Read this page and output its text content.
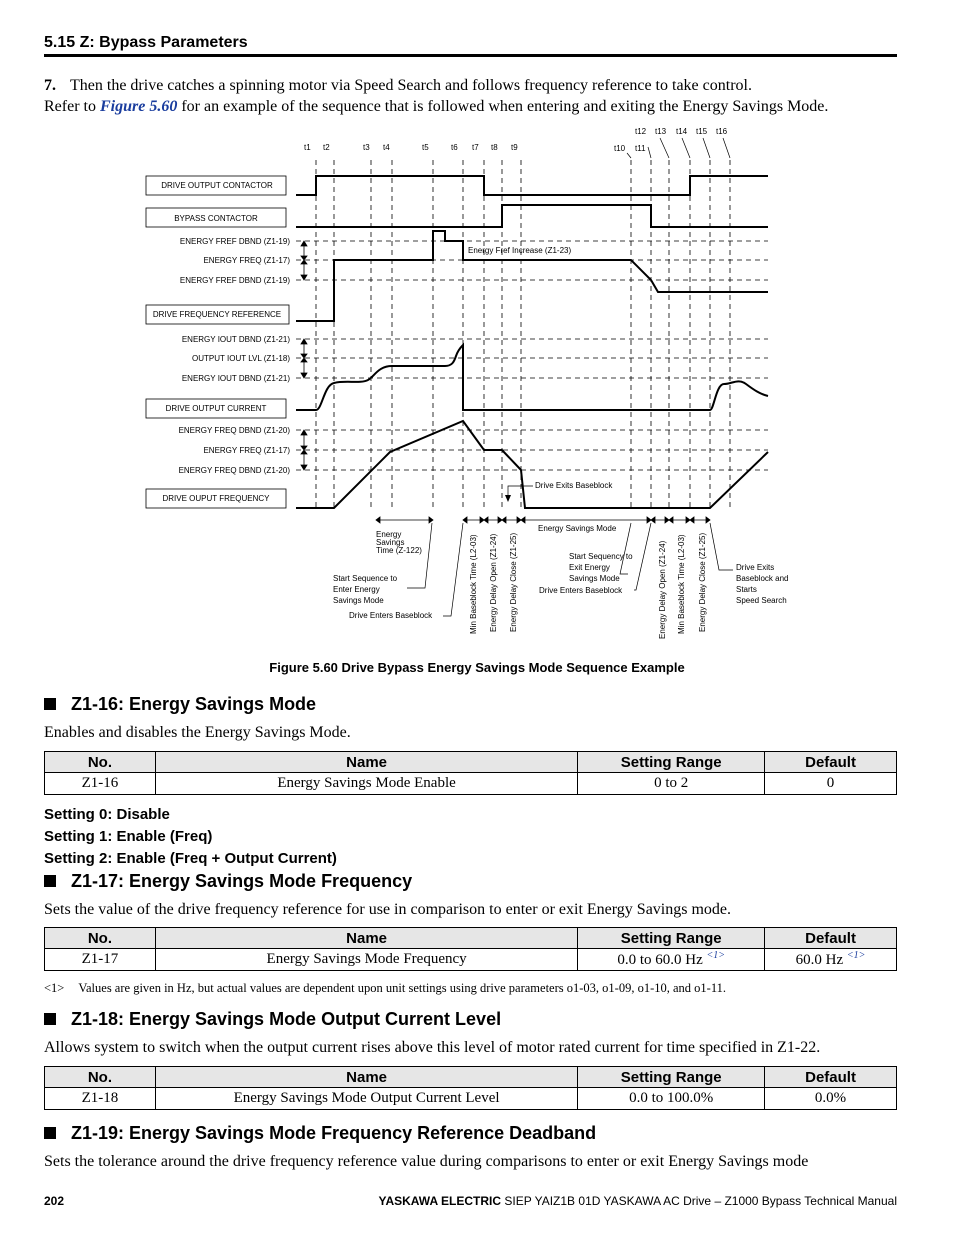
5.15 Z: Bypass Parameters
7. Then the drive catches a spinning motor via Speed Search and follows frequency reference to take control.
Refer to Figure 5.60 for an example of the sequence that is followed when entering and exiting the Energy Savings Mode.
t1 t2	t3 t4	t5	t6 t7 t8 t9	t10 t11
t12 t13 t14 t15 t16
DRIVE OUTPUT CONTACTOR
BYPASS CONTACTOR
DRIVE FREQUENCY REFERENCE
DRIVE OUTPUT CURRENT
DRIVE OUPUT FREQUENCY
ENERGY FREF DBND (Z1-19)
ENERGY FREQ (Z1-17)
ENERGY FREF DBND (Z1-19)
ENERGY IOUT DBND (Z1-21)
OUTPUT IOUT LVL (Z1-18)
ENERGY IOUT DBND (Z1-21)
ENERGY FREQ DBND (Z1-20)
ENERGY FREQ (Z1-17)
ENERGY FREQ DBND (Z1-20)
Energy Fref Increase (Z1-23)
Drive Exits Baseblock
Energy Savings Time (Z-122)
Start Sequence to Enter Energy Savings Mode
Drive Enters Baseblock
Energy Savings Mode
Start Sequency to Exit Energy Savings Mode
Drive Enters Baseblock
Drive Exits Baseblock and Starts Speed Search
Min Baseblock Time (L2-03) Energy Delay Open (Z1-24) Energy Delay Close (Z1-25)	Energy Delay Open (Z1-24) Min Baseblock Time (L2-03) Energy Delay Close (Z1-25)
Figure 5.60 Drive Bypass Energy Savings Mode Sequence Example
Z1-16: Energy Savings Mode
Enables and disables the Energy Savings Mode.
No.	Name	Setting Range	Default
Z1-16	Energy Savings Mode Enable	0 to 2	0
Setting 0: Disable
Setting 1: Enable (Freq)
Setting 2: Enable (Freq + Output Current)
Z1-17: Energy Savings Mode Frequency
Sets the value of the drive frequency reference for use in comparison to enter or exit Energy Savings mode.
No.	Name	Setting Range	Default
Z1-17	Energy Savings Mode Frequency	0.0 to 60.0 Hz $^{<1>}$	60.0 Hz $^{<1>}$
<1> Values are given in Hz, but actual values are dependent upon unit settings using drive parameters o1-03, o1-09, o1-10, and o1-11.
Z1-18: Energy Savings Mode Output Current Level
Allows system to switch when the output current rises above this level of motor rated current for time specified in Z1-22.
No.	Name	Setting Range	Default
Z1-18	Energy Savings Mode Output Current Level	0.0 to 100.0%	0.0%
Z1-19: Energy Savings Mode Frequency Reference Deadband
Sets the tolerance around the drive frequency reference value during comparisons to enter or exit Energy Savings mode
202	YASKAWA ELECTRIC SIEP YAIZ1B 01D YASKAWA AC Drive – Z1000 Bypass Technical Manual
